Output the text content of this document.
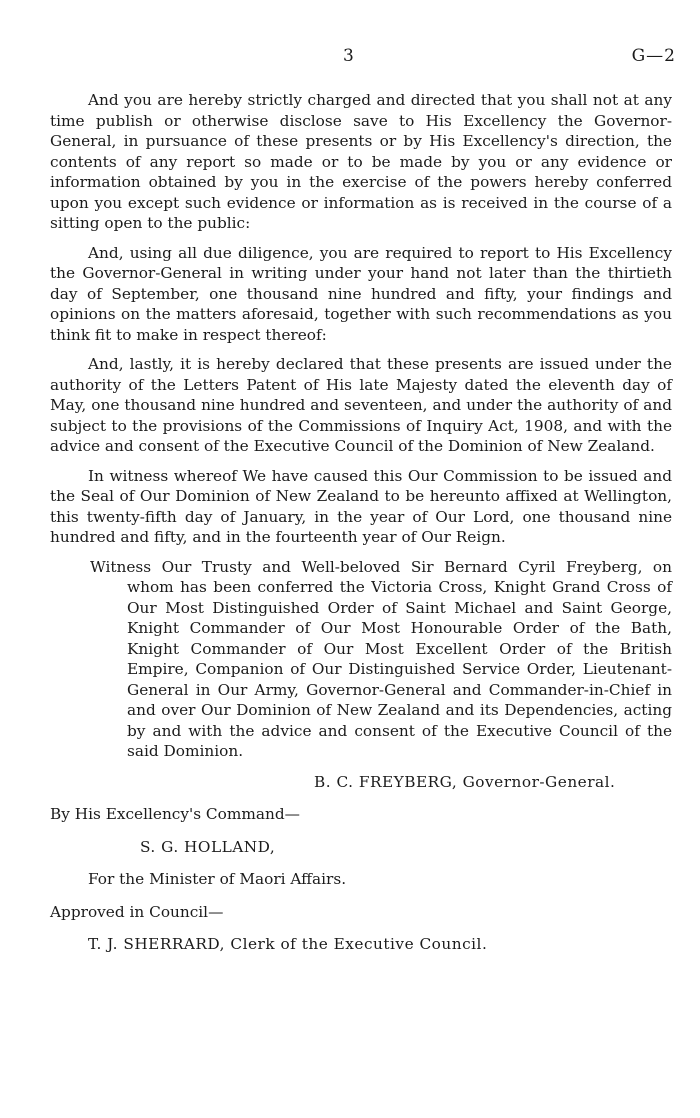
3	G—2

And you are hereby strictly charged and directed that you shall not at any time publish or otherwise disclose save to His Excellency the Governor-General, in pursuance of these presents or by His Excellency's direction, the contents of any report so made or to be made by you or any evidence or information obtained by you in the exercise of the powers hereby conferred upon you except such evidence or information as is received in the course of a sitting open to the public:

And, using all due diligence, you are required to report to His Excellency the Governor-General in writing under your hand not later than the thirtieth day of September, one thousand nine hundred and fifty, your findings and opinions on the matters aforesaid, together with such recommendations as you think fit to make in respect thereof:

And, lastly, it is hereby declared that these presents are issued under the authority of the Letters Patent of His late Majesty dated the eleventh day of May, one thousand nine hundred and seventeen, and under the authority of and subject to the provisions of the Commissions of Inquiry Act, 1908, and with the advice and consent of the Executive Council of the Dominion of New Zealand.

In witness whereof We have caused this Our Commission to be issued and the Seal of Our Dominion of New Zealand to be hereunto affixed at Wellington, this twenty-fifth day of January, in the year of Our Lord, one thousand nine hundred and fifty, and in the fourteenth year of Our Reign.

Witness Our Trusty and Well-beloved Sir Bernard Cyril Freyberg, on whom has been conferred the Victoria Cross, Knight Grand Cross of Our Most Distinguished Order of Saint Michael and Saint George, Knight Commander of Our Most Honourable Order of the Bath, Knight Commander of Our Most Excellent Order of the British Empire, Companion of Our Distinguished Service Order, Lieutenant-General in Our Army, Governor-General and Commander-in-Chief in and over Our Dominion of New Zealand and its Dependencies, acting by and with the advice and consent of the Executive Council of the said Dominion.

B. C. FREYBERG, Governor-General.

By His Excellency's Command—

S. G. HOLLAND,

For the Minister of Maori Affairs.

Approved in Council—

T. J. SHERRARD, Clerk of the Executive Council.
